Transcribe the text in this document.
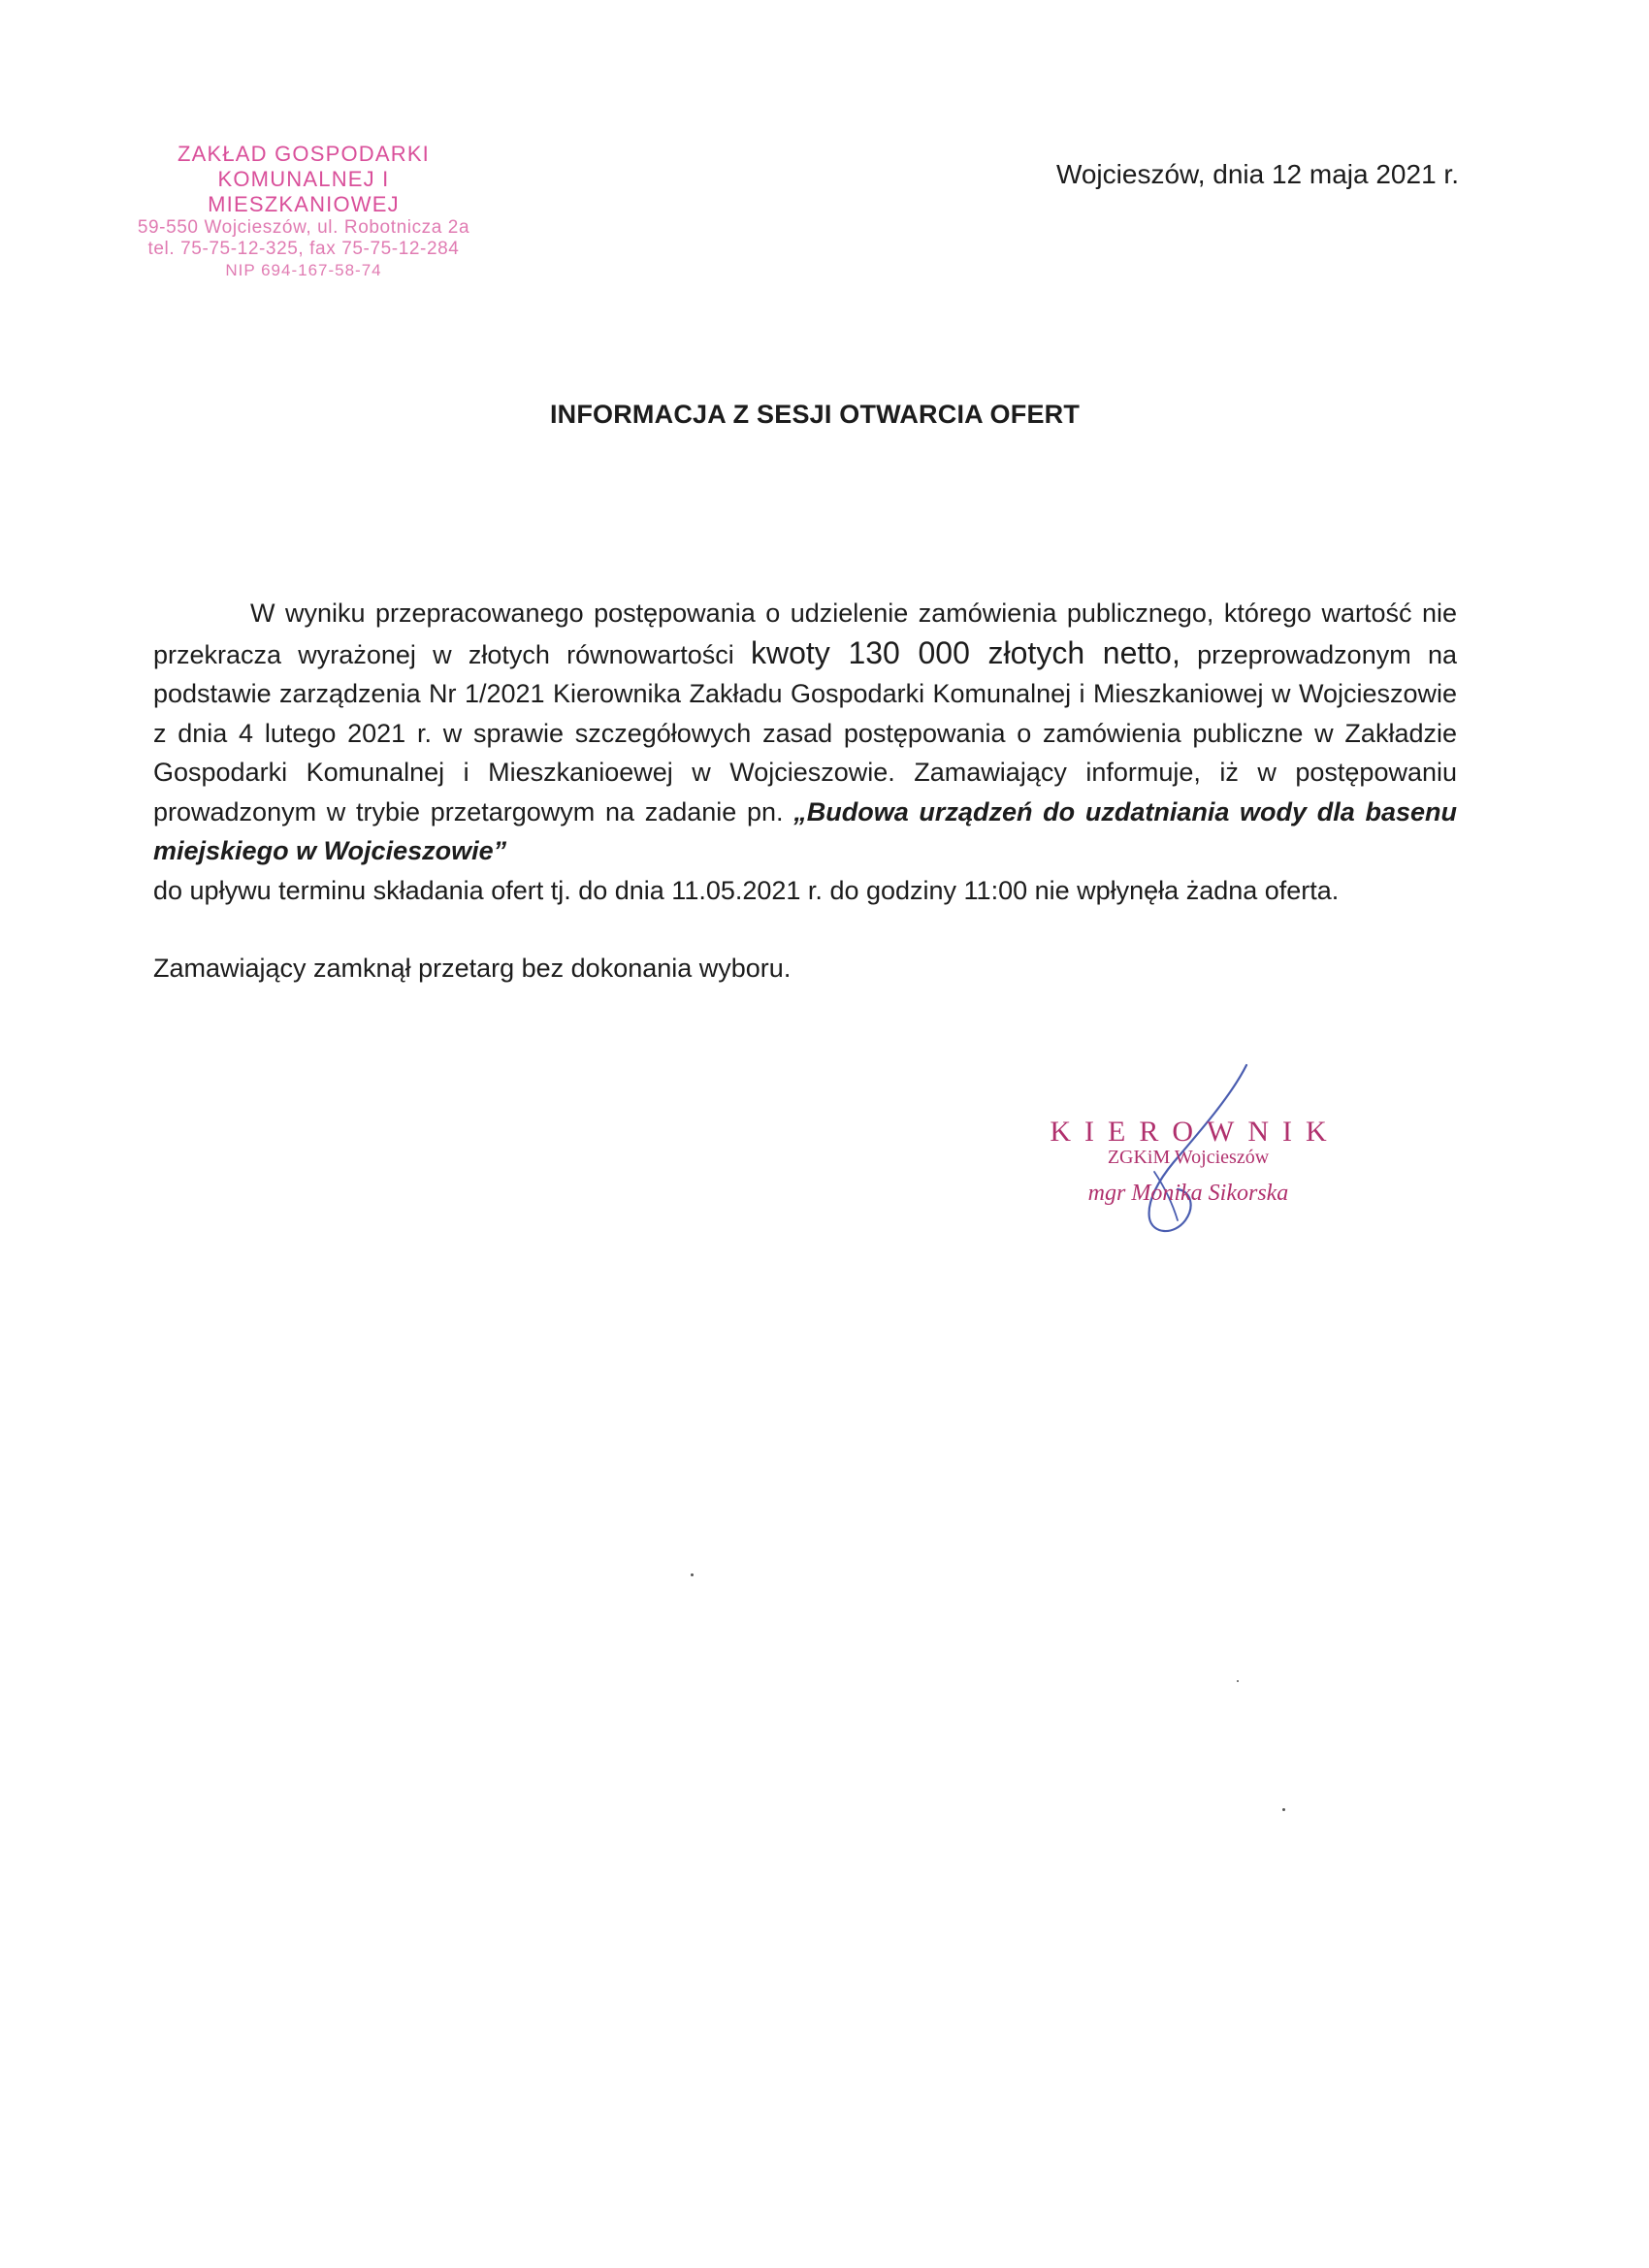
ZAKŁAD GOSPODARKI
KOMUNALNEJ I MIESZKANIOWEJ
59-550 Wojcieszów, ul. Robotnicza 2a
tel. 75-75-12-325, fax 75-75-12-284
NIP 694-167-58-74
Wojcieszów, dnia 12 maja 2021 r.
INFORMACJA Z SESJI OTWARCIA OFERT

W wyniku przepracowanego postępowania o udzielenie zamówienia publicznego, którego wartość nie przekracza wyrażonej w złotych równowartości kwoty 130 000 złotych netto, przeprowadzonym na podstawie zarządzenia Nr 1/2021 Kierownika Zakładu Gospodarki Komunalnej i Mieszkaniowej w Wojcieszowie z dnia 4 lutego 2021 r. w sprawie szczegółowych zasad postępowania o zamówienia publiczne w Zakładzie Gospodarki Komunalnej i Mieszkanioewej w Wojcieszowie. Zamawiający informuje, iż w postępowaniu prowadzonym w trybie przetargowym na zadanie pn. „Budowa urządzeń do uzdatniania wody dla basenu miejskiego w Wojcieszowie”

do upływu terminu składania ofert tj. do dnia 11.05.2021 r. do godziny 11:00 nie wpłynęła żadna oferta.

Zamawiający zamknął przetarg bez dokonania wyboru.

KIEROWNIK
ZGKiM Wojcieszów
mgr Monika Sikorska
